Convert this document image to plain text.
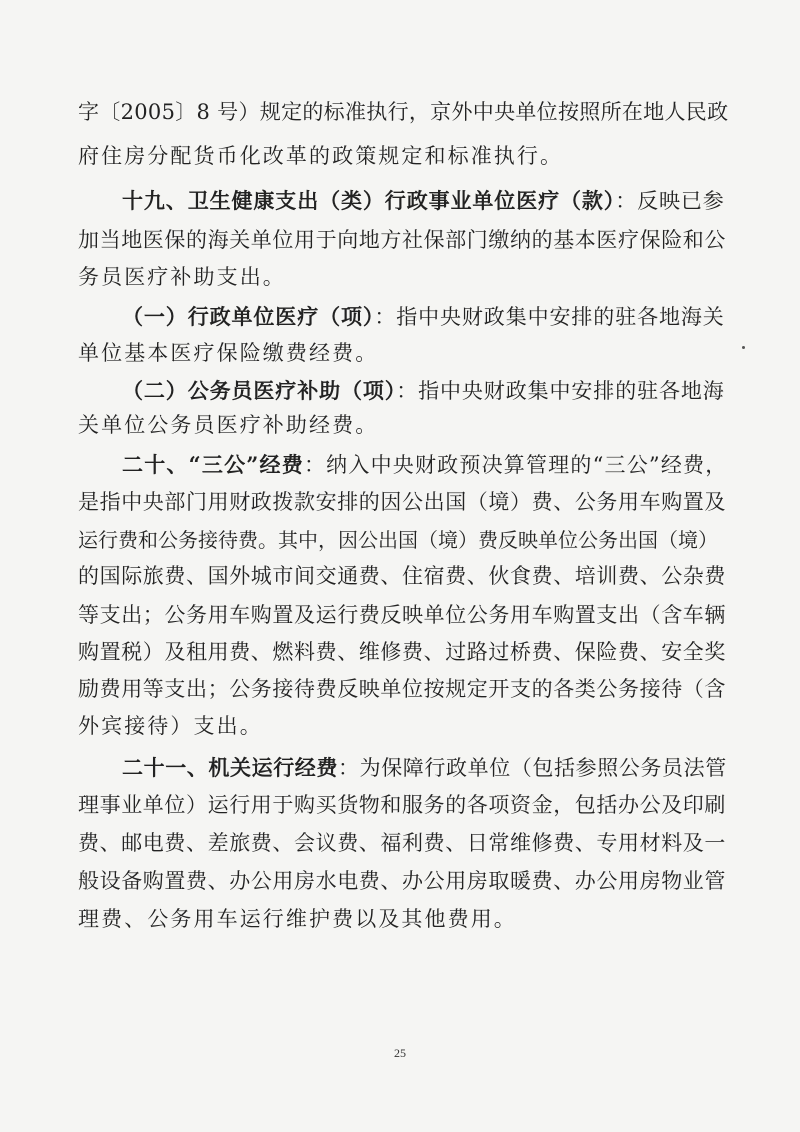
字〔2005〕8 号）规定的标准执行，京外中央单位按照所在地人民政
府住房分配货币化改革的政策规定和标准执行。
十九、卫生健康支出（类）行政事业单位医疗（款）：反映已参
加当地医保的海关单位用于向地方社保部门缴纳的基本医疗保险和公
务员医疗补助支出。
（一）行政单位医疗（项）：指中央财政集中安排的驻各地海关
单位基本医疗保险缴费经费。
（二）公务员医疗补助（项）：指中央财政集中安排的驻各地海
关单位公务员医疗补助经费。
二十、“三公”经费：纳入中央财政预决算管理的“三公”经费，
是指中央部门用财政拨款安排的因公出国（境）费、公务用车购置及
运行费和公务接待费。其中，因公出国（境）费反映单位公务出国（境）
的国际旅费、国外城市间交通费、住宿费、伙食费、培训费、公杂费
等支出；公务用车购置及运行费反映单位公务用车购置支出（含车辆
购置税）及租用费、燃料费、维修费、过路过桥费、保险费、安全奖
励费用等支出；公务接待费反映单位按规定开支的各类公务接待（含
外宾接待）支出。
二十一、机关运行经费：为保障行政单位（包括参照公务员法管
理事业单位）运行用于购买货物和服务的各项资金，包括办公及印刷
费、邮电费、差旅费、会议费、福利费、日常维修费、专用材料及一
般设备购置费、办公用房水电费、办公用房取暖费、办公用房物业管
理费、公务用车运行维护费以及其他费用。
25
